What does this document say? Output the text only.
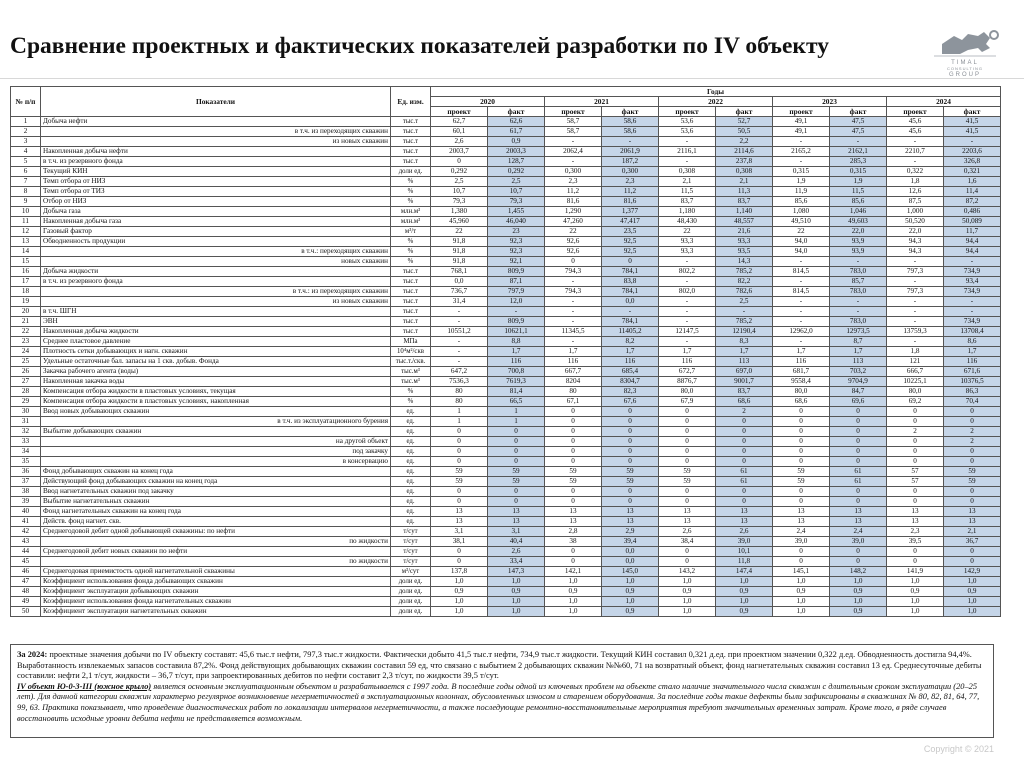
Сравнение проектных и фактических показателей разработки по IV объекту
TIMAL
CONSULTING
GROUP
№ п/п	Показатели	Ед. изм.	Годы									
			2020		2021		2022		2023		2024	
			проект	факт	проект	факт	проект	факт	проект	факт	проект	факт
1	Добыча нефти	тыс.т	62,7	62,6	58,7	58,6	53,6	52,7	49,1	47,5	45,6	41,5
2	в т.ч. из переходящих скважин	тыс.т	60,1	61,7	58,7	58,6	53,6	50,5	49,1	47,5	45,6	41,5
3	из новых скважин	тыс.т	2,6	0,9	-	-	-	2,2	-	-	-	-
4	Накопленная добыча нефти	тыс.т	2003,7	2003,3	2062,4	2061,9	2116,1	2114,6	2165,2	2162,1	2210,7	2203,6
5	в т.ч. из резервного фонда	тыс.т	0	128,7	-	187,2	-	237,8	-	285,3	-	326,8
6	Текущий КИН	доли ед.	0,292	0,292	0,300	0,300	0,308	0,308	0,315	0,315	0,322	0,321
7	Темп отбора от НИЗ	%	2,5	2,5	2,3	2,3	2,1	2,1	1,9	1,9	1,8	1,6
8	Темп отбора от ТИЗ	%	10,7	10,7	11,2	11,2	11,5	11,3	11,9	11,5	12,6	11,4
9	Отбор от НИЗ	%	79,3	79,3	81,6	81,6	83,7	83,7	85,6	85,6	87,5	87,2
10	Добыча газа	млн.м³	1,380	1,455	1,290	1,377	1,180	1,140	1,080	1,046	1,000	0,486
11	Накопленная добыча газа	млн.м³	45,960	46,040	47,260	47,417	48,430	48,557	49,510	49,603	50,520	50,089
12	Газовый фактор	м³/т	22	23	22	23,5	22	21,6	22	22,0	22,0	11,7
13	Обводненность продукции	%	91,8	92,3	92,6	92,5	93,3	93,3	94,0	93,9	94,3	94,4
14	в т.ч.: переходящих скважин	%	91,8	92,3	92,6	92,5	93,3	93,5	94,0	93,9	94,3	94,4
15	новых скважин	%	91,8	92,1	0	0	-	14,3	-	-	-	-
16	Добыча жидкости	тыс.т	768,1	809,9	794,3	784,1	802,2	785,2	814,5	783,0	797,3	734,9
17	в т.ч. из резервного фонда	тыс.т	0,0	87,1	-	83,8	-	82,2	-	85,7	-	93,4
18	в т.ч.: из переходящих скважин	тыс.т	736,7	797,9	794,3	784,1	802,0	782,6	814,5	783,0	797,3	734,9
19	из новых скважин	тыс.т	31,4	12,0	-	0,0	-	2,5	-	-	-	-
20	в т.ч. ШГН	тыс.т	-	-	-	-	-	-	-	-	-	-
21	ЭВН	тыс.т	-	809,9	-	784,1	-	785,2	-	783,0	-	734,9
22	Накопленная добыча жидкости	тыс.т	10551,2	10621,1	11345,5	11405,2	12147,5	12190,4	12962,0	12973,5	13759,3	13708,4
23	Среднее пластовое давление	МПа	-	8,8	-	8,2	-	8,3	-	8,7	-	8,6
24	Плотность сетки добывающих и нагн. скважин	10⁴м²/скв	-	1,7	1,7	1,7	1,7	1,7	1,7	1,7	1,8	1,7
25	Удельные остаточные бал. запасы на 1 скв. добыв. Фонда	тыс.т./скв.	-	116	116	116	116	113	116	113	121	116
26	Закачка рабочего агента (воды)	тыс.м³	647,2	700,8	667,7	685,4	672,7	697,0	681,7	703,2	666,7	671,6
27	Накопленная закачка воды	тыс.м³	7536,3	7619,3	8204	8304,7	8876,7	9001,7	9558,4	9704,9	10225,1	10376,5
28	Компенсация отбора жидкости в пластовых условиях, текущая	%	80	81,4	80	82,3	80,0	83,7	80,0	84,7	80,0	86,3
29	Компенсация отбора жидкости в пластовых условиях, накопленная	%	80	66,5	67,1	67,6	67,9	68,6	68,6	69,6	69,2	70,4
30	Ввод новых добывающих скважин	ед.	1	1	0	0	0	2	0	0	0	0
31	в т.ч. из эксплуатационного бурения	ед.	1	1	0	0	0	0	0	0	0	0
32	Выбытие добывающих скважин	ед.	0	0	0	0	0	0	0	0	2	2
33	на другой объект	ед.	0	0	0	0	0	0	0	0	0	2
34	под закачку	ед.	0	0	0	0	0	0	0	0	0	0
35	в консервацию	ед.	0	0	0	0	0	0	0	0	0	0
36	Фонд добывающих скважин на конец года	ед.	59	59	59	59	59	61	59	61	57	59
37	Действующий фонд добывающих скважин на конец года	ед.	59	59	59	59	59	61	59	61	57	59
38	Ввод нагнетательных скважин под закачку	ед.	0	0	0	0	0	0	0	0	0	0
39	Выбытие нагнетательных скважин	ед.	0	0	0	0	0	0	0	0	0	0
40	Фонд нагнетательных скважин на конец года	ед.	13	13	13	13	13	13	13	13	13	13
41	Действ. фонд нагнет. скв.	ед.	13	13	13	13	13	13	13	13	13	13
42	Среднегодовой дебит одной добывающей скважины: по нефти	т/сут	3,1	3,1	2,8	2,9	2,6	2,6	2,4	2,4	2,3	2,1
43	по жидкости	т/сут	38,1	40,4	38	39,4	38,4	39,0	39,0	39,0	39,5	36,7
44	Среднегодовой дебит новых скважин по нефти	т/сут	0	2,6	0	0,0	0	10,1	0	0	0	0
45	по жидкости	т/сут	0	33,4	0	0,0	0	11,8	0	0	0	0
46	Среднегодовая приемистость одной нагнетательной скважины	м³/сут	137,8	147,3	142,1	145,0	143,2	147,4	145,1	148,2	141,9	142,9
47	Коэффициент использования фонда добывающих скважин	доли ед.	1,0	1,0	1,0	1,0	1,0	1,0	1,0	1,0	1,0	1,0
48	Коэффициент эксплуатации добывающих скважин	доли ед.	0,9	0,9	0,9	0,9	0,9	0,9	0,9	0,9	0,9	0,9
49	Коэффициент использования фонда нагнетательных скважин	доли ед.	1,0	1,0	1,0	1,0	1,0	1,0	1,0	1,0	1,0	1,0
50	Коэффициент эксплуатации нагнетательных скважин	доли ед.	1,0	1,0	1,0	0,9	1,0	0,9	1,0	0,9	1,0	1,0
За 2024: проектные значения добычи по IV объекту составят: 45,6 тыс.т нефти, 797,3 тыс.т жидкости. Фактически добыто 41,5 тыс.т нефти, 734,9 тыс.т жидкости. Текущий КИН составил 0,321 д.ед. при проектном значении 0,322 д.ед. Обводненность достигла 94,4%. Выработанность извлекаемых запасов составила 87,2%. Фонд действующих добывающих скважин составил 59 ед, что связано с выбытием 2 добывающих скважин №№60, 71 на возвратный объект, фонд нагнетательных скважин составил 13 ед. Среднесуточные дебиты составили: нефти 2,1 т/сут, жидкости – 36,7 т/сут, при запроектированных дебитов по нефти составит 2,3 т/сут, по жидкости 39,5 т/сут.
IV объект Ю-0-3-III (южное крыло) является основным эксплуатационным объектом и разрабатывается с 1997 года. В последние годы одной из ключевых проблем на объекте стало наличие значительного числа скважин с длительным сроком эксплуатации (20–25 лет). Для данной категории скважин характерно регулярное возникновение негерметичностей в эксплуатационных колоннах, обусловленных износом и старением оборудования. За последние годы такие дефекты были зафиксированы в скважинах № 80, 82, 81, 64, 77, 99, 63. Практика показывает, что проведение диагностических работ по локализации интервалов негерметичности, а также последующие ремонтно-восстановительные мероприятия требуют значительных временных затрат. Кроме того, в ряде случаев восстановить исходные уровни дебита нефти не представляется возможным.
Copyright © 2021
